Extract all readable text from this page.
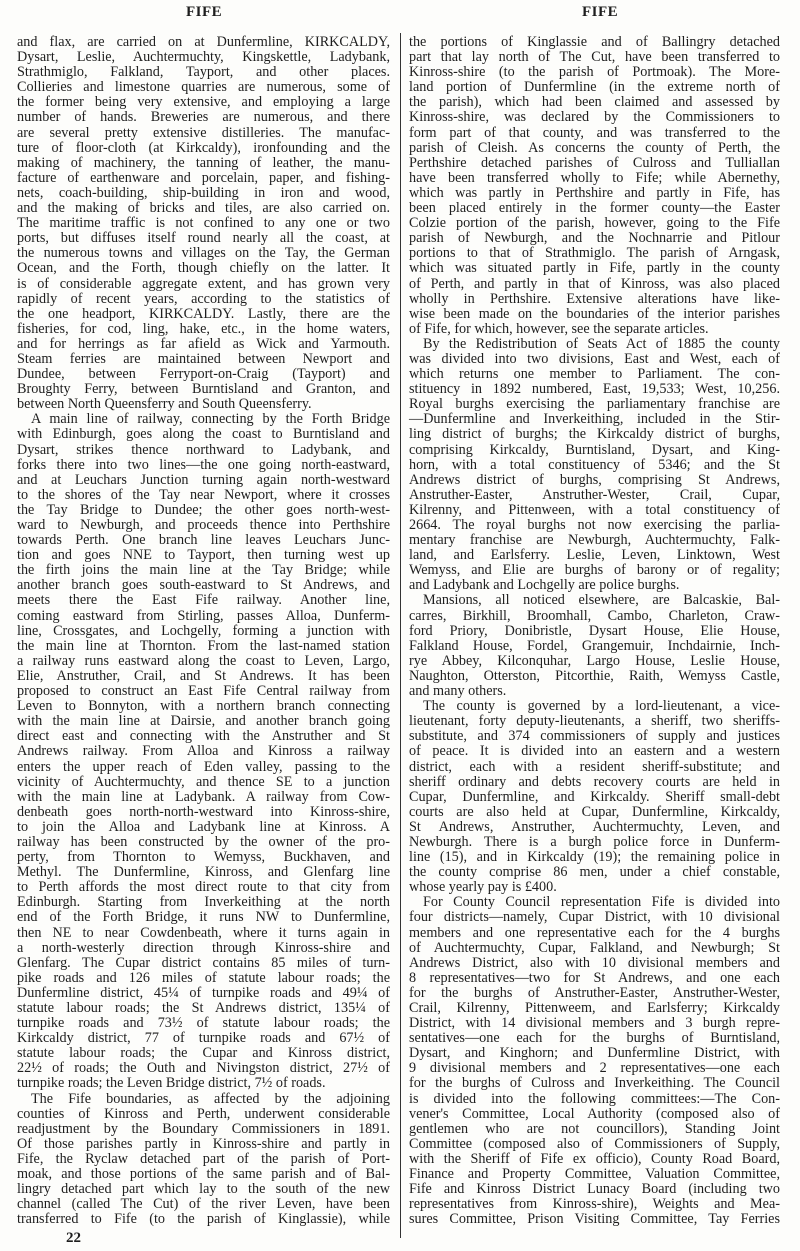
FIFE	FIFE
and flax, are carried on at Dunfermline, KIRKCALDY,
Dysart, Leslie, Auchtermuchty, Kingskettle, Ladybank,
Strathmiglo, Falkland, Tayport, and other places.
Collieries and limestone quarries are numerous, some of
the former being very extensive, and employing a large
number of hands. Breweries are numerous, and there
are several pretty extensive distilleries. The manufac-
ture of floor-cloth (at Kirkcaldy), ironfounding and the
making of machinery, the tanning of leather, the manu-
facture of earthenware and porcelain, paper, and fishing-
nets, coach-building, ship-building in iron and wood,
and the making of bricks and tiles, are also carried on.
The maritime traffic is not confined to any one or two
ports, but diffuses itself round nearly all the coast, at
the numerous towns and villages on the Tay, the German
Ocean, and the Forth, though chiefly on the latter. It
is of considerable aggregate extent, and has grown very
rapidly of recent years, according to the statistics of
the one headport, KIRKCALDY. Lastly, there are the
fisheries, for cod, ling, hake, etc., in the home waters,
and for herrings as far afield as Wick and Yarmouth.
Steam ferries are maintained between Newport and
Dundee, between Ferryport-on-Craig (Tayport) and
Broughty Ferry, between Burntisland and Granton, and
between North Queensferry and South Queensferry.
A main line of railway, connecting by the Forth Bridge
with Edinburgh, goes along the coast to Burntisland and
Dysart, strikes thence northward to Ladybank, and
forks there into two lines—the one going north-eastward,
and at Leuchars Junction turning again north-westward
to the shores of the Tay near Newport, where it crosses
the Tay Bridge to Dundee; the other goes north-west-
ward to Newburgh, and proceeds thence into Perthshire
towards Perth. One branch line leaves Leuchars Junc-
tion and goes NNE to Tayport, then turning west up
the firth joins the main line at the Tay Bridge; while
another branch goes south-eastward to St Andrews, and
meets there the East Fife railway. Another line,
coming eastward from Stirling, passes Alloa, Dunferm-
line, Crossgates, and Lochgelly, forming a junction with
the main line at Thornton. From the last-named station
a railway runs eastward along the coast to Leven, Largo,
Elie, Anstruther, Crail, and St Andrews. It has been
proposed to construct an East Fife Central railway from
Leven to Bonnyton, with a northern branch connecting
with the main line at Dairsie, and another branch going
direct east and connecting with the Anstruther and St
Andrews railway. From Alloa and Kinross a railway
enters the upper reach of Eden valley, passing to the
vicinity of Auchtermuchty, and thence SE to a junction
with the main line at Ladybank. A railway from Cow-
denbeath goes north-north-westward into Kinross-shire,
to join the Alloa and Ladybank line at Kinross. A
railway has been constructed by the owner of the pro-
perty, from Thornton to Wemyss, Buckhaven, and
Methyl. The Dunfermline, Kinross, and Glenfarg line
to Perth affords the most direct route to that city from
Edinburgh. Starting from Inverkeithing at the north
end of the Forth Bridge, it runs NW to Dunfermline,
then NE to near Cowdenbeath, where it turns again in
a north-westerly direction through Kinross-shire and
Glenfarg. The Cupar district contains 85 miles of turn-
pike roads and 126 miles of statute labour roads; the
Dunfermline district, 45¼ of turnpike roads and 49¼ of
statute labour roads; the St Andrews district, 135¼ of
turnpike roads and 73½ of statute labour roads; the
Kirkcaldy district, 77 of turnpike roads and 67½ of
statute labour roads; the Cupar and Kinross district,
22½ of roads; the Outh and Nivingston district, 27½ of
turnpike roads; the Leven Bridge district, 7½ of roads.
The Fife boundaries, as affected by the adjoining
counties of Kinross and Perth, underwent considerable
readjustment by the Boundary Commissioners in 1891.
Of those parishes partly in Kinross-shire and partly in
Fife, the Ryclaw detached part of the parish of Port-
moak, and those portions of the same parish and of Bal-
lingry detached part which lay to the south of the new
channel (called The Cut) of the river Leven, have been
transferred to Fife (to the parish of Kinglassie), while
the portions of Kinglassie and of Ballingry detached
part that lay north of The Cut, have been transferred to
Kinross-shire (to the parish of Portmoak). The More-
land portion of Dunfermline (in the extreme north of
the parish), which had been claimed and assessed by
Kinross-shire, was declared by the Commissioners to
form part of that county, and was transferred to the
parish of Cleish. As concerns the county of Perth, the
Perthshire detached parishes of Culross and Tulliallan
have been transferred wholly to Fife; while Abernethy,
which was partly in Perthshire and partly in Fife, has
been placed entirely in the former county—the Easter
Colzie portion of the parish, however, going to the Fife
parish of Newburgh, and the Nochnarrie and Pitlour
portions to that of Strathmiglo. The parish of Arngask,
which was situated partly in Fife, partly in the county
of Perth, and partly in that of Kinross, was also placed
wholly in Perthshire. Extensive alterations have like-
wise been made on the boundaries of the interior parishes
of Fife, for which, however, see the separate articles.
By the Redistribution of Seats Act of 1885 the county
was divided into two divisions, East and West, each of
which returns one member to Parliament. The con-
stituency in 1892 numbered, East, 19,533; West, 10,256.
Royal burghs exercising the parliamentary franchise are
—Dunfermline and Inverkeithing, included in the Stir-
ling district of burghs; the Kirkcaldy district of burghs,
comprising Kirkcaldy, Burntisland, Dysart, and King-
horn, with a total constituency of 5346; and the St
Andrews district of burghs, comprising St Andrews,
Anstruther-Easter, Anstruther-Wester, Crail, Cupar,
Kilrenny, and Pittenween, with a total constituency of
2664. The royal burghs not now exercising the parlia-
mentary franchise are Newburgh, Auchtermuchty, Falk-
land, and Earlsferry. Leslie, Leven, Linktown, West
Wemyss, and Elie are burghs of barony or of regality;
and Ladybank and Lochgelly are police burghs.
Mansions, all noticed elsewhere, are Balcaskie, Bal-
carres, Birkhill, Broomhall, Cambo, Charleton, Craw-
ford Priory, Donibristle, Dysart House, Elie House,
Falkland House, Fordel, Grangemuir, Inchdairnie, Inch-
rye Abbey, Kilconquhar, Largo House, Leslie House,
Naughton, Otterston, Pitcorthie, Raith, Wemyss Castle,
and many others.
The county is governed by a lord-lieutenant, a vice-
lieutenant, forty deputy-lieutenants, a sheriff, two sheriffs-
substitute, and 374 commissioners of supply and justices
of peace. It is divided into an eastern and a western
district, each with a resident sheriff-substitute; and
sheriff ordinary and debts recovery courts are held in
Cupar, Dunfermline, and Kirkcaldy. Sheriff small-debt
courts are also held at Cupar, Dunfermline, Kirkcaldy,
St Andrews, Anstruther, Auchtermuchty, Leven, and
Newburgh. There is a burgh police force in Dunferm-
line (15), and in Kirkcaldy (19); the remaining police in
the county comprise 86 men, under a chief constable,
whose yearly pay is £400.
For County Council representation Fife is divided into
four districts—namely, Cupar District, with 10 divisional
members and one representative each for the 4 burghs
of Auchtermuchty, Cupar, Falkland, and Newburgh; St
Andrews District, also with 10 divisional members and
8 representatives—two for St Andrews, and one each
for the burghs of Anstruther-Easter, Anstruther-Wester,
Crail, Kilrenny, Pittenweem, and Earlsferry; Kirkcaldy
District, with 14 divisional members and 3 burgh repre-
sentatives—one each for the burghs of Burntisland,
Dysart, and Kinghorn; and Dunfermline District, with
9 divisional members and 2 representatives—one each
for the burghs of Culross and Inverkeithing. The Council
is divided into the following committees:—The Con-
vener's Committee, Local Authority (composed also of
gentlemen who are not councillors), Standing Joint
Committee (composed also of Commissioners of Supply,
with the Sheriff of Fife ex officio), County Road Board,
Finance and Property Committee, Valuation Committee,
Fife and Kinross District Lunacy Board (including two
representatives from Kinross-shire), Weights and Mea-
sures Committee, Prison Visiting Committee, Tay Ferries
22
